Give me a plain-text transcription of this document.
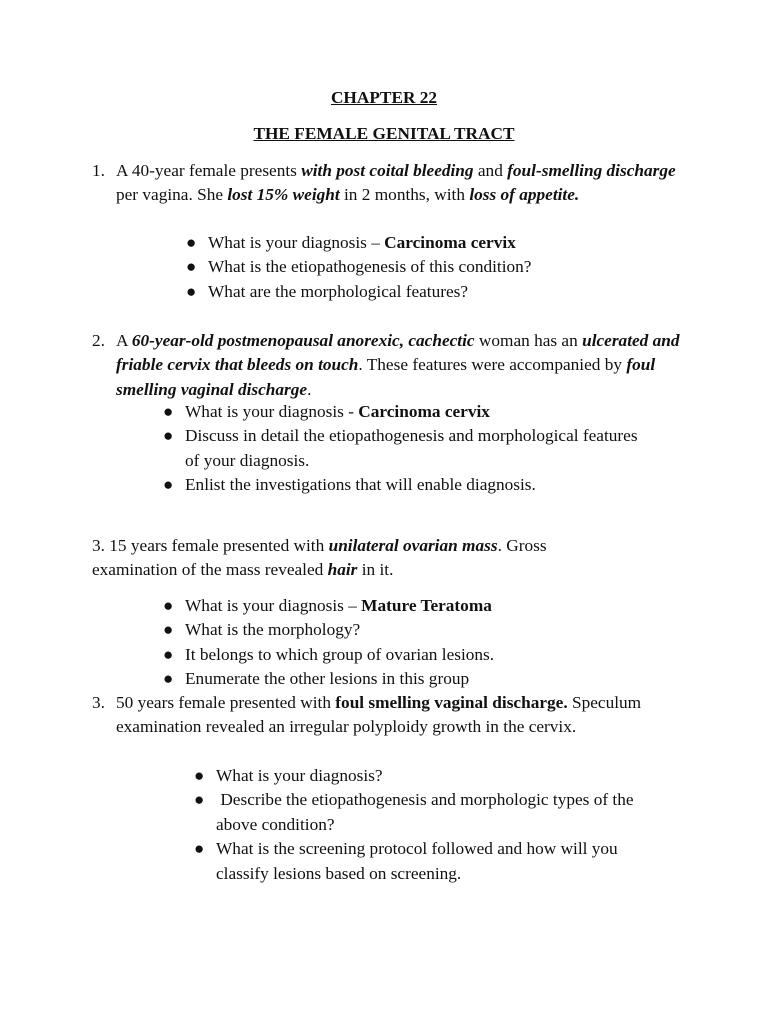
CHAPTER 22
THE FEMALE GENITAL TRACT
1. A 40-year female presents with post coital bleeding and foul-smelling discharge per vagina. She lost 15% weight in 2 months, with loss of appetite.
● What is your diagnosis – Carcinoma cervix
● What is the etiopathogenesis of this condition?
● What are the morphological features?
2. A 60-year-old postmenopausal anorexic, cachectic woman has an ulcerated and friable cervix that bleeds on touch. These features were accompanied by foul smelling vaginal discharge.
● What is your diagnosis - Carcinoma cervix
● Discuss in detail the etiopathogenesis and morphological features of your diagnosis.
● Enlist the investigations that will enable diagnosis.
3. 15 years female presented with unilateral ovarian mass. Gross examination of the mass revealed hair in it.
● What is your diagnosis – Mature Teratoma
● What is the morphology?
● It belongs to which group of ovarian lesions.
● Enumerate the other lesions in this group
3. 50 years female presented with foul smelling vaginal discharge. Speculum examination revealed an irregular polyploidy growth in the cervix.
● What is your diagnosis?
● Describe the etiopathogenesis and morphologic types of the above condition?
● What is the screening protocol followed and how will you classify lesions based on screening.
